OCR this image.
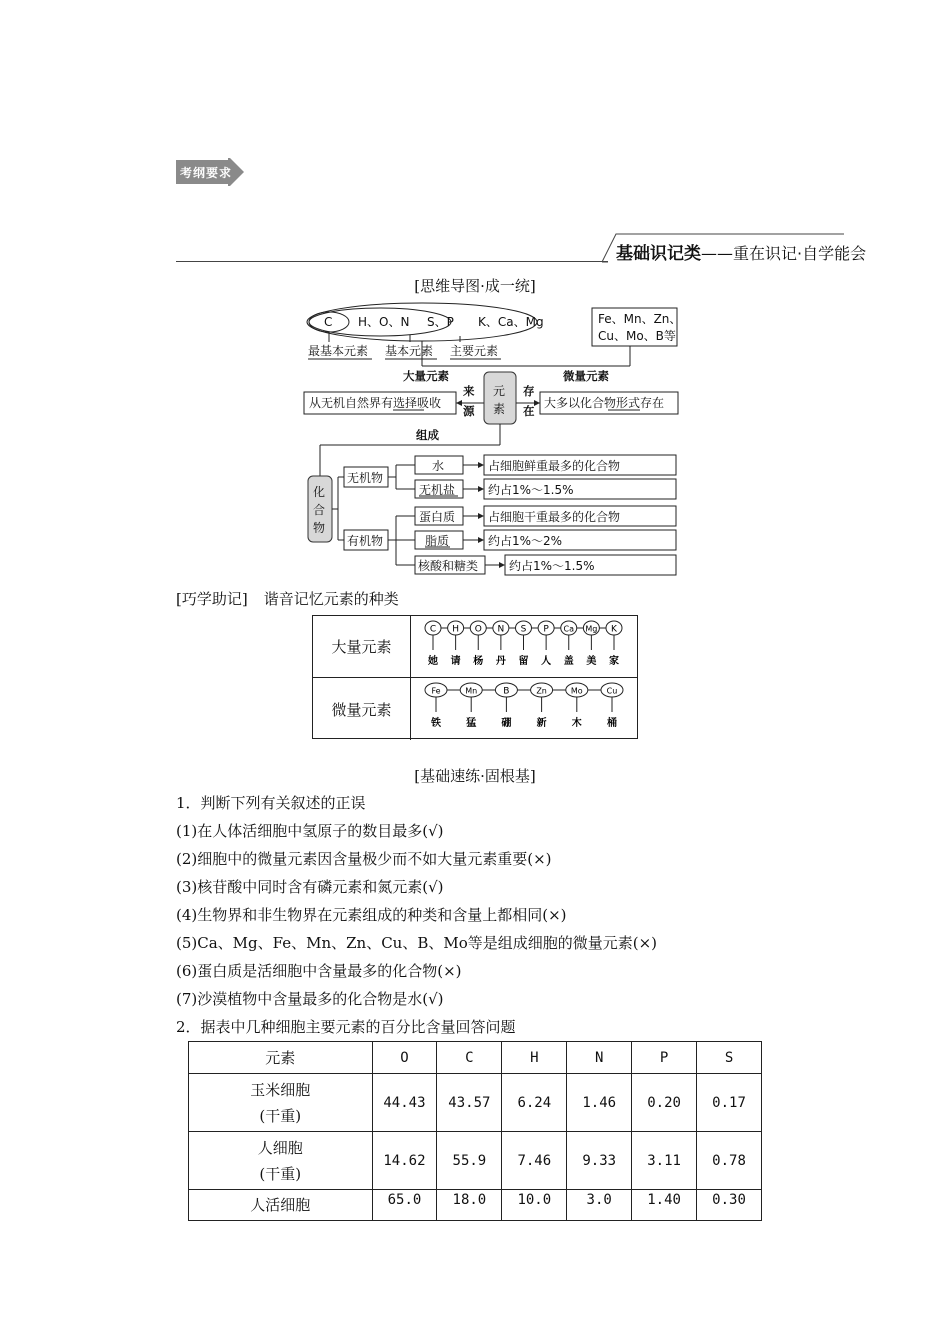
考纲要求
基础识记类——重在识记·自学能会
[思维导图·成一统]
C H、O、N S、P K、Ca、Mg
最基本元素 基本元素 主要元素
Fe、Mn、Zn、
Cu、Mo、B等
大量元素	微量元素
元
素
从无机自然界有选择吸收
来
源
大多以化合物形式存在
存
在
组成
化
合
物
无机物
有机物
水
无机盐
蛋白质
脂质
核酸和糖类
占细胞鲜重最多的化合物
约占1%～1.5%
占细胞干重最多的化合物
约占1%～2%
约占1%～1.5%
[巧学助记] 谐音记忆元素的种类
大量元素
C
她
H
请
O
杨
N
丹
S
留
P
人
Ca
盖
Mg
美
K
家
微量元素
Fe
铁
Mn
猛
B
硼
Zn
新
Mo
木
Cu
桶
[基础速练·固根基]
1．判断下列有关叙述的正误
(1)在人体活细胞中氢原子的数目最多(√)
(2)细胞中的微量元素因含量极少而不如大量元素重要(×)
(3)核苷酸中同时含有磷元素和氮元素(√)
(4)生物界和非生物界在元素组成的种类和含量上都相同(×)
(5)Ca、Mg、Fe、Mn、Zn、Cu、B、Mo等是组成细胞的微量元素(×)
(6)蛋白质是活细胞中含量最多的化合物(×)
(7)沙漠植物中含量最多的化合物是水(√)
2．据表中几种细胞主要元素的百分比含量回答问题
元素	O	C	H	N	P	S
玉米细胞
(干重)	44.43	43.57	6.24	1.46	0.20	0.17
人细胞
(干重)	14.62	55.9	7.46	9.33	3.11	0.78
人活细胞	65.0	18.0	10.0	3.0	1.40	0.30
